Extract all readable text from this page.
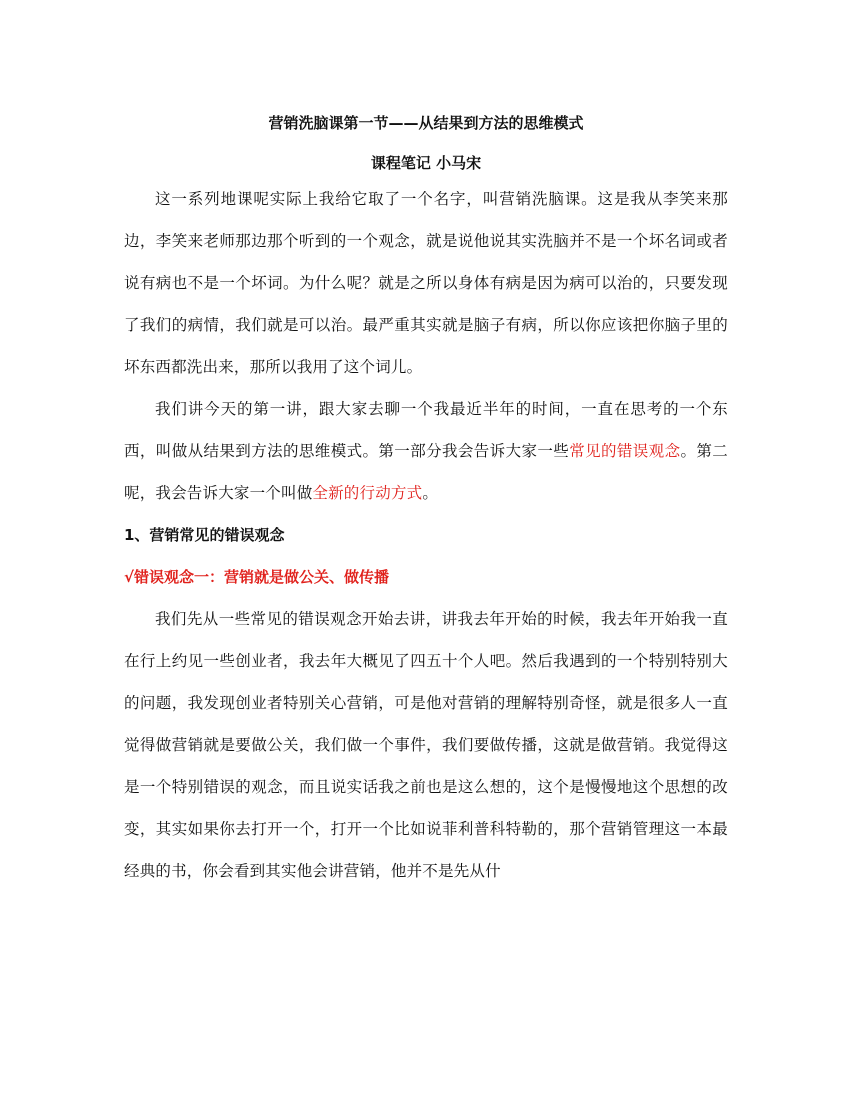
营销洗脑课第一节——从结果到方法的思维模式

课程笔记 小马宋

这一系列地课呢实际上我给它取了一个名字，叫营销洗脑课。这是我从李笑来那边，李笑来老师那边那个听到的一个观念，就是说他说其实洗脑并不是一个坏名词或者说有病也不是一个坏词。为什么呢？就是之所以身体有病是因为病可以治的，只要发现了我们的病情，我们就是可以治。最严重其实就是脑子有病，所以你应该把你脑子里的坏东西都洗出来，那所以我用了这个词儿。

我们讲今天的第一讲，跟大家去聊一个我最近半年的时间，一直在思考的一个东西，叫做从结果到方法的思维模式。第一部分我会告诉大家一些常见的错误观念。第二呢，我会告诉大家一个叫做全新的行动方式。

1、营销常见的错误观念

√错误观念一：营销就是做公关、做传播

我们先从一些常见的错误观念开始去讲，讲我去年开始的时候，我去年开始我一直在行上约见一些创业者，我去年大概见了四五十个人吧。然后我遇到的一个特别特别大的问题，我发现创业者特别关心营销，可是他对营销的理解特别奇怪，就是很多人一直觉得做营销就是要做公关，我们做一个事件，我们要做传播，这就是做营销。我觉得这是一个特别错误的观念，而且说实话我之前也是这么想的，这个是慢慢地这个思想的改变，其实如果你去打开一个，打开一个比如说菲利普科特勒的，那个营销管理这一本最经典的书，你会看到其实他会讲营销，他并不是先从什
